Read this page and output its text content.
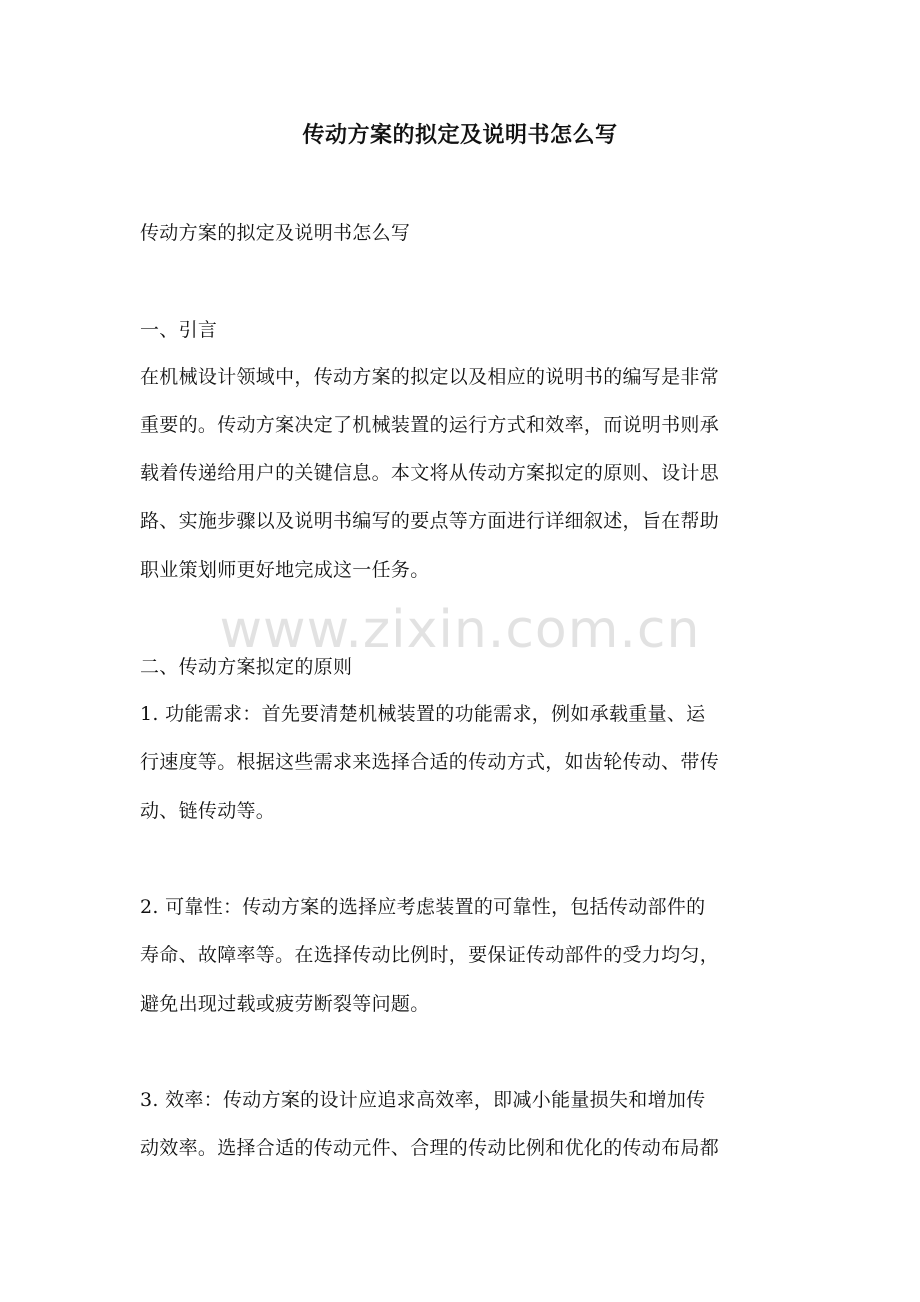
传动方案的拟定及说明书怎么写
传动方案的拟定及说明书怎么写
一、引言
在机械设计领域中，传动方案的拟定以及相应的说明书的编写是非常
重要的。传动方案决定了机械装置的运行方式和效率，而说明书则承
载着传递给用户的关键信息。本文将从传动方案拟定的原则、设计思
路、实施步骤以及说明书编写的要点等方面进行详细叙述，旨在帮助
职业策划师更好地完成这一任务。
二、传动方案拟定的原则
1. 功能需求：首先要清楚机械装置的功能需求，例如承载重量、运
行速度等。根据这些需求来选择合适的传动方式，如齿轮传动、带传
动、链传动等。
2. 可靠性：传动方案的选择应考虑装置的可靠性，包括传动部件的
寿命、故障率等。在选择传动比例时，要保证传动部件的受力均匀，
避免出现过载或疲劳断裂等问题。
3. 效率：传动方案的设计应追求高效率，即减小能量损失和增加传
动效率。选择合适的传动元件、合理的传动比例和优化的传动布局都
www.zixin.com.cn
